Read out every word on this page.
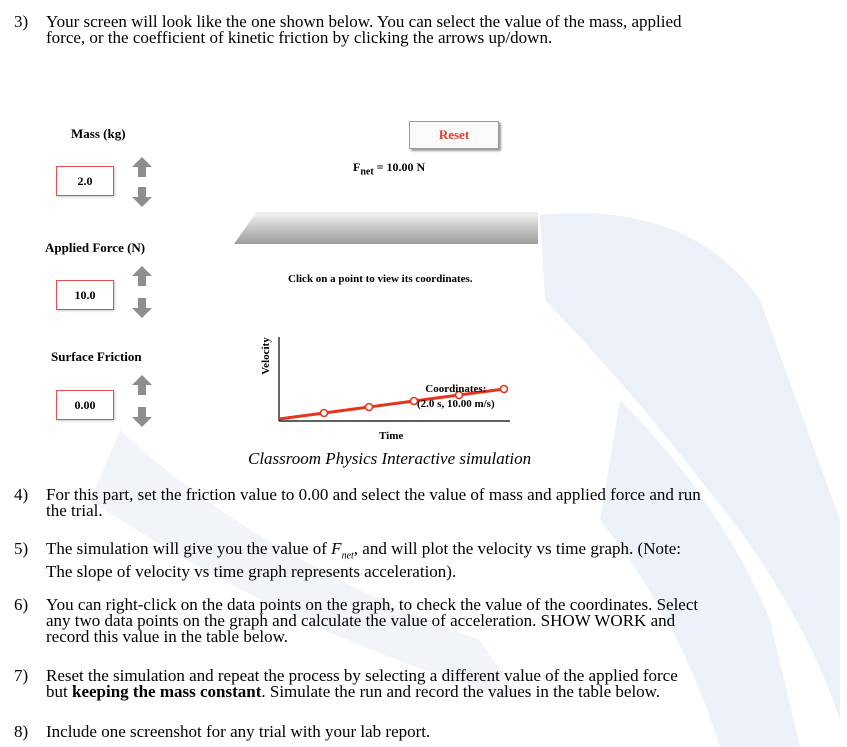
3) Your screen will look like the one shown below. You can select the value of the mass, applied
force, or the coefficient of kinetic friction by clicking the arrows up/down.
Mass (kg)
2.0
Applied Force (N)
10.0
Surface Friction
0.00
Reset
$F_{net} = 10.00$ N
Click on a point to view its coordinates.
Velocity
Coordinates:
(2.0 s, 10.00 m/s)
Time
Classroom Physics Interactive simulation
4) For this part, set the friction value to 0.00 and select the value of mass and applied force and run
the trial.
5) The simulation will give you the value of $F_{net}$, and will plot the velocity vs time graph. (Note:
The slope of velocity vs time graph represents acceleration).
6) You can right-click on the data points on the graph, to check the value of the coordinates. Select
any two data points on the graph and calculate the value of acceleration. SHOW WORK and
record this value in the table below.
7) Reset the simulation and repeat the process by selecting a different value of the applied force
but keeping the mass constant. Simulate the run and record the values in the table below.
8) Include one screenshot for any trial with your lab report.
